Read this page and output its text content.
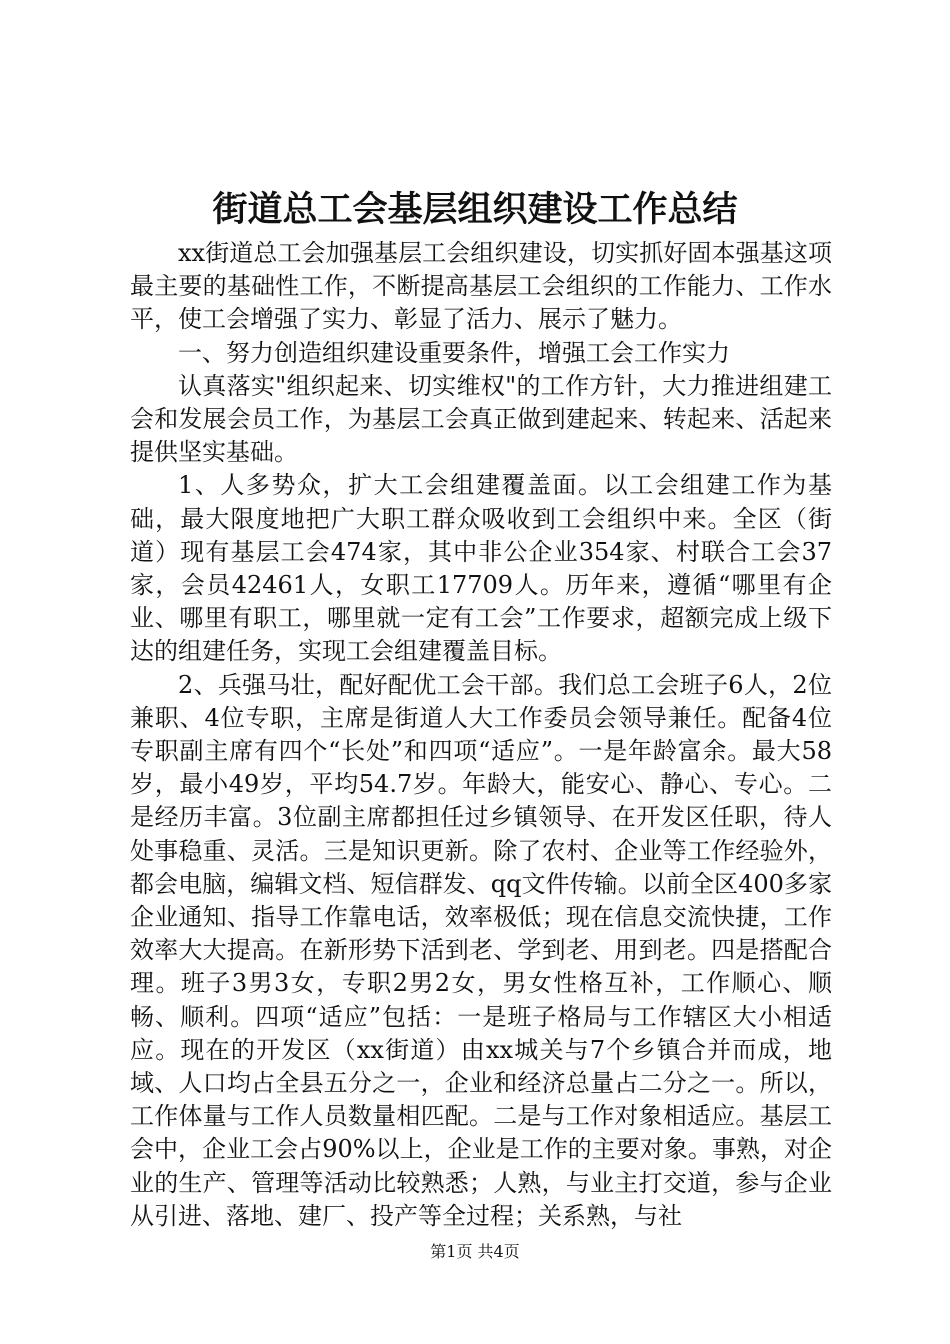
街道总工会基层组织建设工作总结

xx街道总工会加强基层工会组织建设，切实抓好固本强基这项最主要的基础性工作，不断提高基层工会组织的工作能力、工作水平，使工会增强了实力、彰显了活力、展示了魅力。

一、努力创造组织建设重要条件，增强工会工作实力

认真落实"组织起来、切实维权"的工作方针，大力推进组建工会和发展会员工作，为基层工会真正做到建起来、转起来、活起来提供坚实基础。

1、人多势众，扩大工会组建覆盖面。以工会组建工作为基础，最大限度地把广大职工群众吸收到工会组织中来。全区（街道）现有基层工会474家，其中非公企业354家、村联合工会37家，会员42461人，女职工17709人。历年来，遵循“哪里有企业、哪里有职工，哪里就一定有工会”工作要求，超额完成上级下达的组建任务，实现工会组建覆盖目标。

2、兵强马壮，配好配优工会干部。我们总工会班子6人，2位兼职、4位专职，主席是街道人大工作委员会领导兼任。配备4位专职副主席有四个“长处”和四项“适应”。一是年龄富余。最大58岁，最小49岁，平均54.7岁。年龄大，能安心、静心、专心。二是经历丰富。3位副主席都担任过乡镇领导、在开发区任职，待人处事稳重、灵活。三是知识更新。除了农村、企业等工作经验外，都会电脑，编辑文档、短信群发、qq文件传输。以前全区400多家企业通知、指导工作靠电话，效率极低；现在信息交流快捷，工作效率大大提高。在新形势下活到老、学到老、用到老。四是搭配合理。班子3男3女，专职2男2女，男女性格互补，工作顺心、顺畅、顺利。四项“适应”包括：一是班子格局与工作辖区大小相适应。现在的开发区（xx街道）由xx城关与7个乡镇合并而成，地域、人口均占全县五分之一，企业和经济总量占二分之一。所以，工作体量与工作人员数量相匹配。二是与工作对象相适应。基层工会中，企业工会占90%以上，企业是工作的主要对象。事熟，对企业的生产、管理等活动比较熟悉；人熟，与业主打交道，参与企业从引进、落地、建厂、投产等全过程；关系熟，与社

第1页 共4页
